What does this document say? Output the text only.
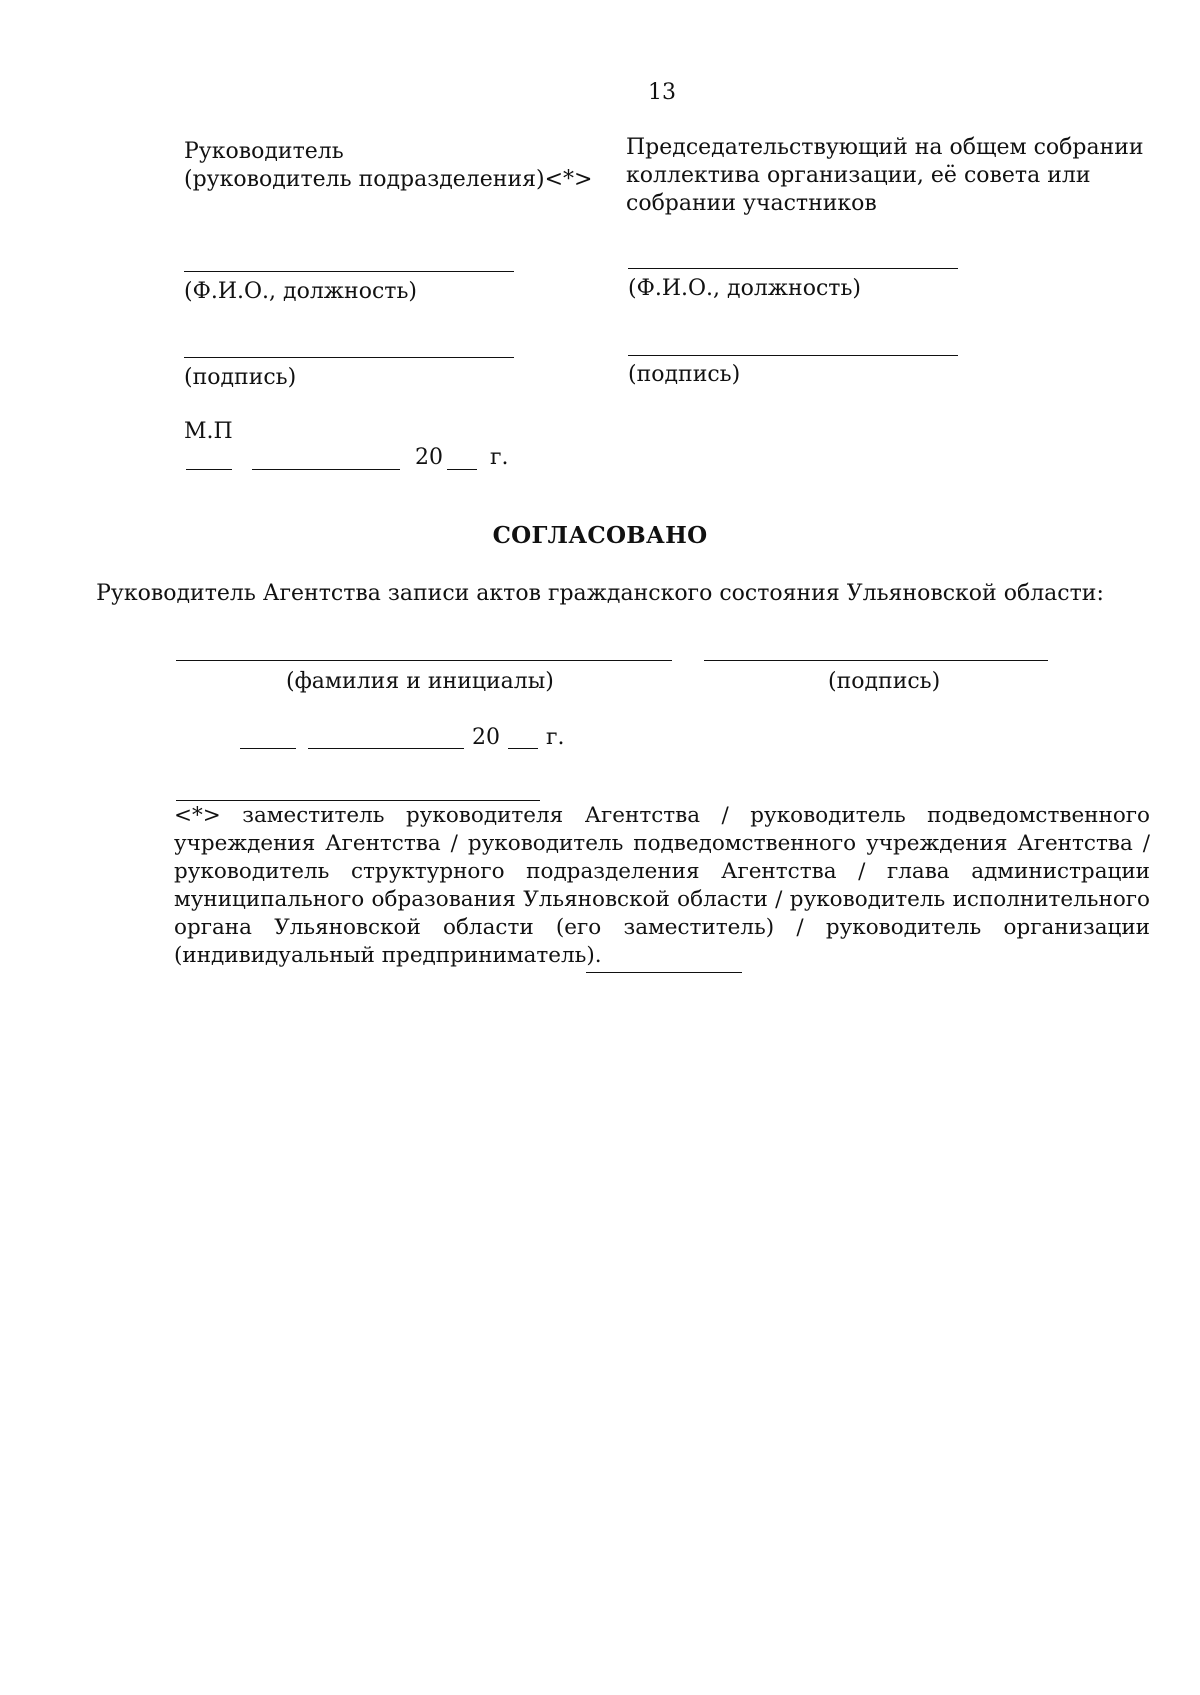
13
Руководитель
(руководитель подразделения)<*>
(Ф.И.О., должность)
(подпись)
М.П
20 г.
Председательствующий на общем собрании
коллектива организации, её совета или
собрании участников
(Ф.И.О., должность)
(подпись)
СОГЛАСОВАНО
Руководитель Агентства записи актов гражданского состояния Ульяновской области:
(фамилия и инициалы)	(подпись)
20 г.
<*> заместитель руководителя Агентства / руководитель подведомственного учреждения Агентства / руководитель подведомственного учреждения Агентства / руководитель структурного подразделения Агентства / глава администрации муниципального образования Ульяновской области / руководитель исполнительного органа Ульяновской области (его заместитель) / руководитель организации (индивидуальный предприниматель).
